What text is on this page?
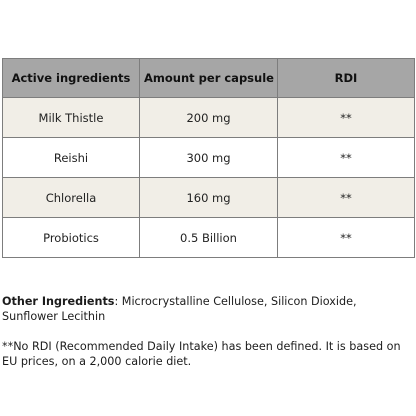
Active ingredients	Amount per capsule	RDI
Milk Thistle	200 mg	**
Reishi	300 mg	**
Chlorella	160 mg	**
Probiotics	0.5 Billion	**
Other Ingredients: Microcrystalline Cellulose, Silicon Dioxide, Sunflower Lecithin
**No RDI (Recommended Daily Intake) has been defined. It is based on EU prices, on a 2,000 calorie diet.
